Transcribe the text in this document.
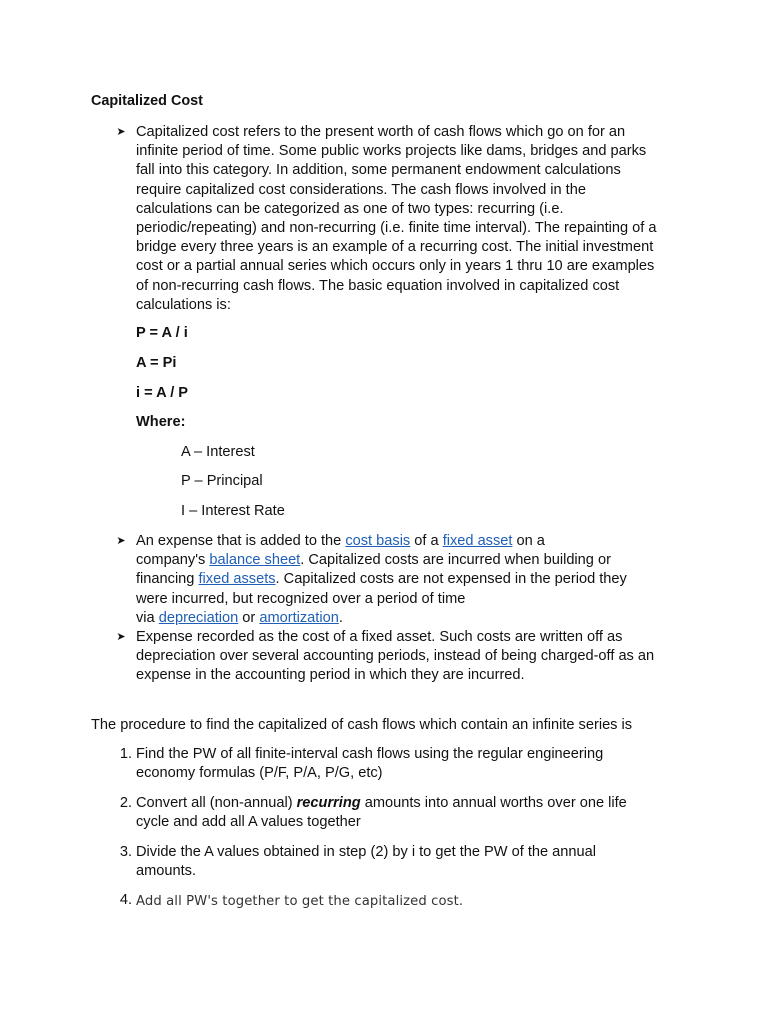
Capitalized Cost
➤ Capitalized cost refers to the present worth of cash flows which go on for an
infinite period of time. Some public works projects like dams, bridges and parks
fall into this category. In addition, some permanent endowment calculations
require capitalized cost considerations. The cash flows involved in the
calculations can be categorized as one of two types: recurring (i.e.
periodic/repeating) and non-recurring (i.e. finite time interval). The repainting of a
bridge every three years is an example of a recurring cost. The initial investment
cost or a partial annual series which occurs only in years 1 thru 10 are examples
of non-recurring cash flows. The basic equation involved in capitalized cost
calculations is:
P = A / i
A = Pi
i = A / P
Where:
A – Interest
P – Principal
I – Interest Rate
➤ An expense that is added to the cost basis of a fixed asset on a
company's balance sheet. Capitalized costs are incurred when building or
financing fixed assets. Capitalized costs are not expensed in the period they
were incurred, but recognized over a period of time
via depreciation or amortization.
➤ Expense recorded as the cost of a fixed asset. Such costs are written off as
depreciation over several accounting periods, instead of being charged-off as an
expense in the accounting period in which they are incurred.
The procedure to find the capitalized of cash flows which contain an infinite series is
1. Find the PW of all finite-interval cash flows using the regular engineering
economy formulas (P/F, P/A, P/G, etc)
2. Convert all (non-annual) recurring amounts into annual worths over one life
cycle and add all A values together
3. Divide the A values obtained in step (2) by i to get the PW of the annual
amounts.
4. Add all PW's together to get the capitalized cost.
